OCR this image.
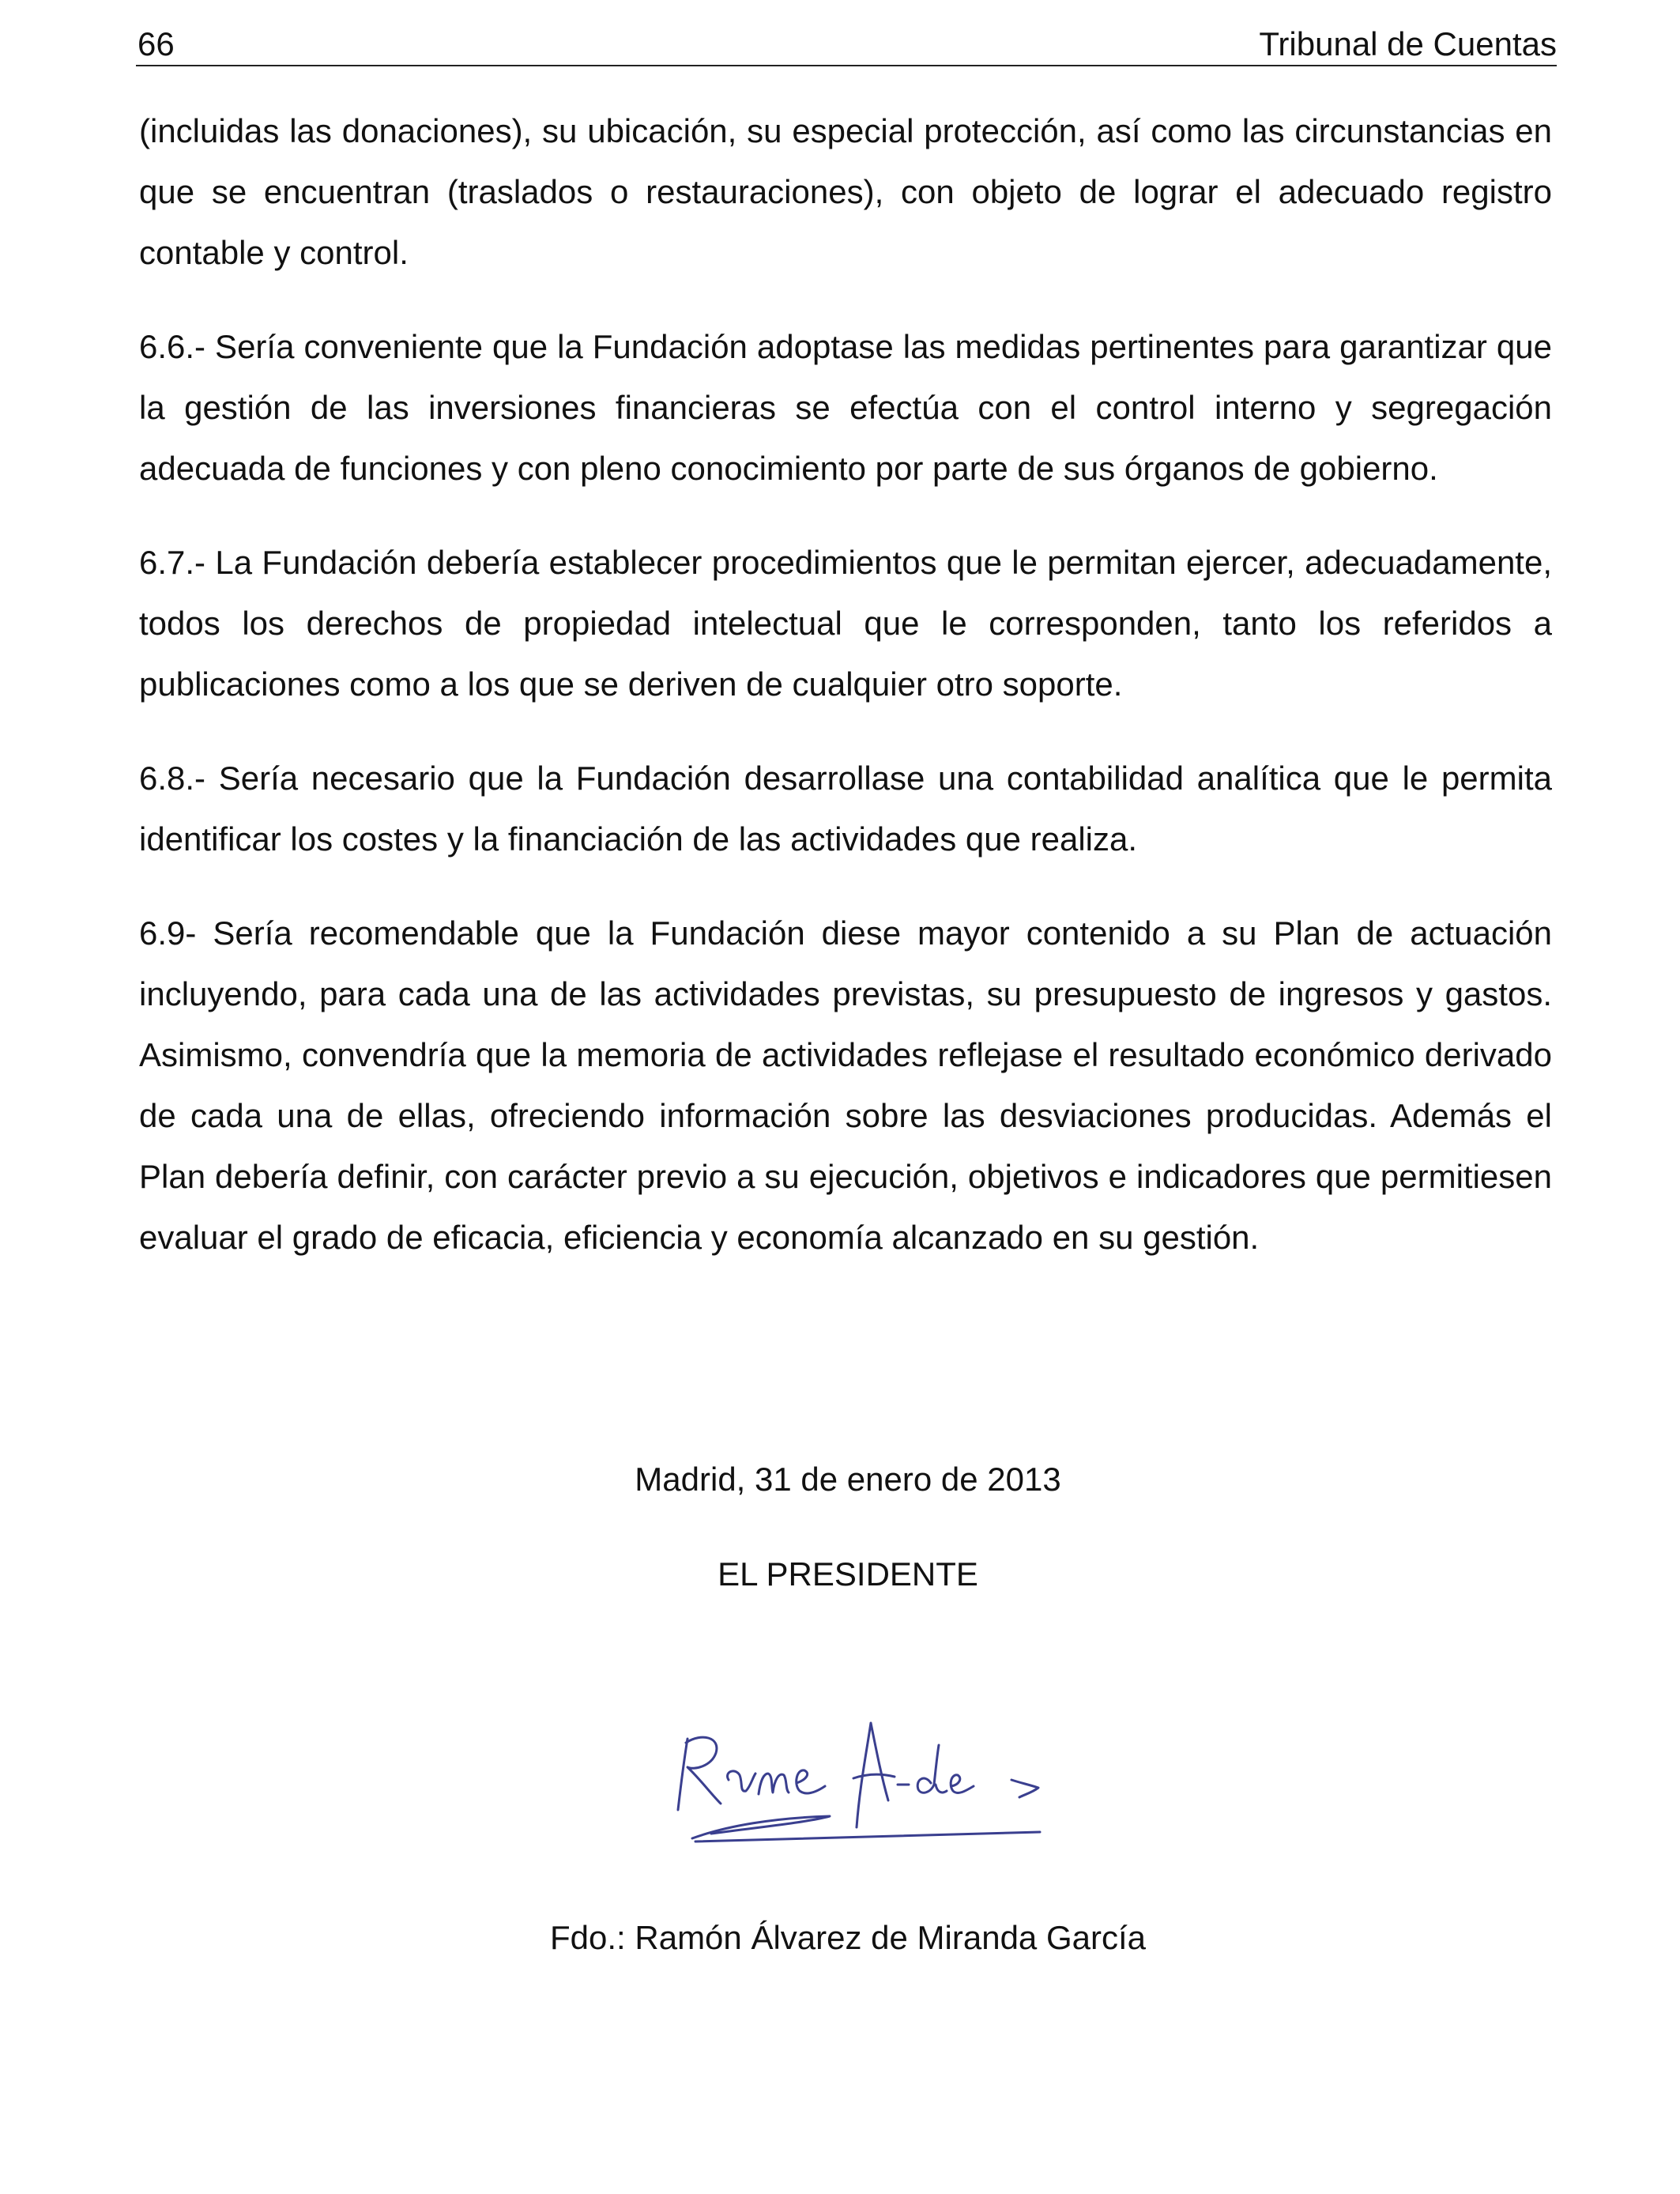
66	Tribunal de Cuentas

(incluidas las donaciones), su ubicación, su especial protección, así como las circunstancias en que se encuentran (traslados o restauraciones), con objeto de lograr el adecuado registro contable y control.

6.6.- Sería conveniente que la Fundación adoptase las medidas pertinentes para garantizar que la gestión de las inversiones financieras se efectúa con el control interno y segregación adecuada de funciones y con pleno conocimiento por parte de sus órganos de gobierno.

6.7.- La Fundación debería establecer procedimientos que le permitan ejercer, adecuadamente, todos los derechos de propiedad intelectual que le corresponden, tanto los referidos a publicaciones como a los que se deriven de cualquier otro soporte.

6.8.- Sería necesario que la Fundación desarrollase una contabilidad analítica que le permita identificar los costes y la financiación de las actividades que realiza.

6.9- Sería recomendable que la Fundación diese mayor contenido a su Plan de actuación incluyendo, para cada una de las actividades previstas, su presupuesto de ingresos y gastos. Asimismo, convendría que la memoria de actividades reflejase el resultado económico derivado de cada una de ellas, ofreciendo información sobre las desviaciones producidas. Además el Plan debería definir, con carácter previo a su ejecución, objetivos e indicadores que permitiesen evaluar el grado de eficacia, eficiencia y economía alcanzado en su gestión.

Madrid, 31 de enero de 2013

EL PRESIDENTE

Fdo.: Ramón Álvarez de Miranda García
